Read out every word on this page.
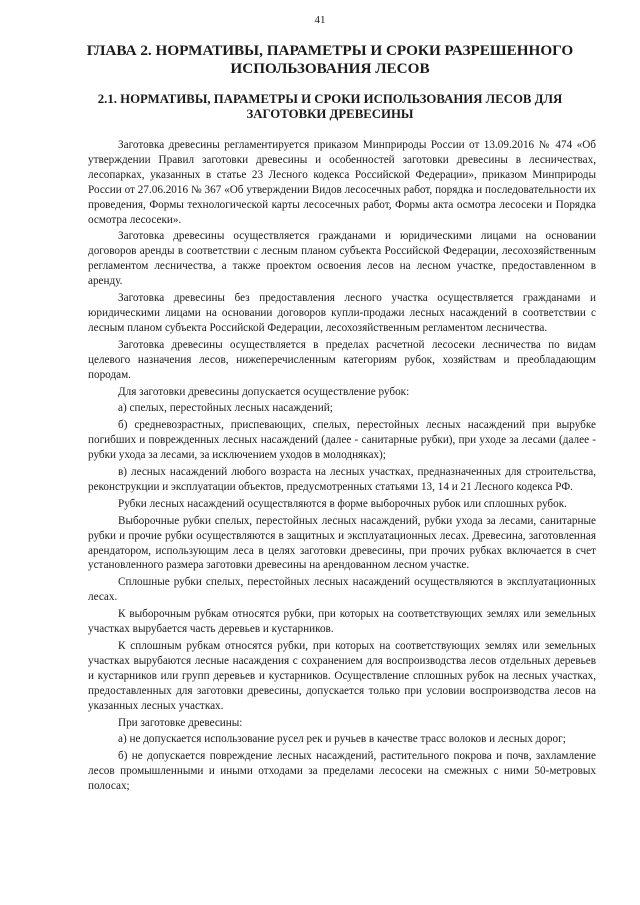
41
ГЛАВА 2. НОРМАТИВЫ, ПАРАМЕТРЫ И СРОКИ РАЗРЕШЕННОГО ИСПОЛЬЗОВАНИЯ ЛЕСОВ
2.1. НОРМАТИВЫ, ПАРАМЕТРЫ И СРОКИ ИСПОЛЬЗОВАНИЯ ЛЕСОВ ДЛЯ ЗАГОТОВКИ ДРЕВЕСИНЫ

Заготовка древесины регламентируется приказом Минприроды России от 13.09.2016 № 474 «Об утверждении Правил заготовки древесины и особенностей заготовки древесины в лесничествах, лесопарках, указанных в статье 23 Лесного кодекса Российской Федерации», приказом Минприроды России от 27.06.2016 № 367 «Об утверждении Видов лесосечных работ, порядка и последовательности их проведения, Формы технологической карты лесосечных работ, Формы акта осмотра лесосеки и Порядка осмотра лесосеки».

Заготовка древесины осуществляется гражданами и юридическими лицами на основании договоров аренды в соответствии с лесным планом субъекта Российской Федерации, лесохозяйственным регламентом лесничества, а также проектом освоения лесов на лесном участке, предоставленном в аренду.

Заготовка древесины без предоставления лесного участка осуществляется гражданами и юридическими лицами на основании договоров купли-продажи лесных насаждений в соответствии с лесным планом субъекта Российской Федерации, лесохозяйственным регламентом лесничества.

Заготовка древесины осуществляется в пределах расчетной лесосеки лесничества по видам целевого назначения лесов, нижеперечисленным категориям рубок, хозяйствам и преобладающим породам.

Для заготовки древесины допускается осуществление рубок:

а) спелых, перестойных лесных насаждений;

б) средневозрастных, приспевающих, спелых, перестойных лесных насаждений при вырубке погибших и поврежденных лесных насаждений (далее - санитарные рубки), при уходе за лесами (далее - рубки ухода за лесами, за исключением уходов в молодняках);

в) лесных насаждений любого возраста на лесных участках, предназначенных для строительства, реконструкции и эксплуатации объектов, предусмотренных статьями 13, 14 и 21 Лесного кодекса РФ.

Рубки лесных насаждений осуществляются в форме выборочных рубок или сплошных рубок.

Выборочные рубки спелых, перестойных лесных насаждений, рубки ухода за лесами, санитарные рубки и прочие рубки осуществляются в защитных и эксплуатационных лесах. Древесина, заготовленная арендатором, использующим леса в целях заготовки древесины, при прочих рубках включается в счет установленного размера заготовки древесины на арендованном лесном участке.

Сплошные рубки спелых, перестойных лесных насаждений осуществляются в эксплуатационных лесах.

К выборочным рубкам относятся рубки, при которых на соответствующих землях или земельных участках вырубается часть деревьев и кустарников.

К сплошным рубкам относятся рубки, при которых на соответствующих землях или земельных участках вырубаются лесные насаждения с сохранением для воспроизводства лесов отдельных деревьев и кустарников или групп деревьев и кустарников. Осуществление сплошных рубок на лесных участках, предоставленных для заготовки древесины, допускается только при условии воспроизводства лесов на указанных лесных участках.

При заготовке древесины:

а) не допускается использование русел рек и ручьев в качестве трасс волоков и лесных дорог;

б) не допускается повреждение лесных насаждений, растительного покрова и почв, захламление лесов промышленными и иными отходами за пределами лесосеки на смежных с ними 50-метровых полосах;
